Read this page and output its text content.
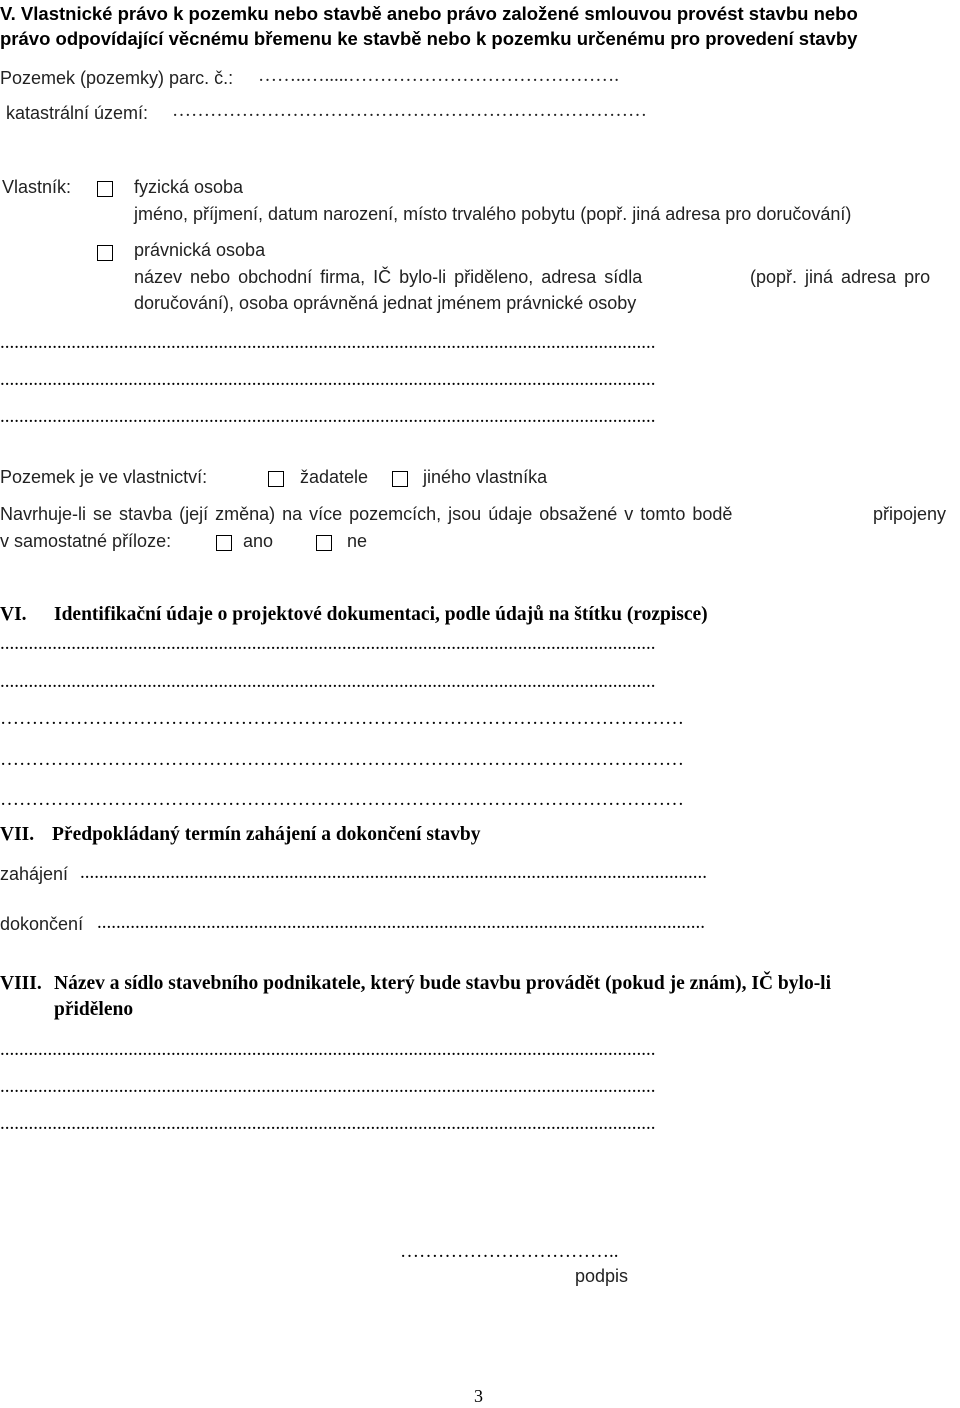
V. Vlastnické právo k pozemku nebo stavbě anebo právo založené smlouvou provést stavbu nebo
právo odpovídající věcnému břemenu ke stavbě nebo k pozemku určenému pro provedení stavby
Pozemek (pozemky) parc. č.: ……..….....…………………………………….
katastrální území: …………………………………………………………………
Vlastník:	fyzická osoba
jméno, příjmení, datum narození, místo trvalého pobytu (popř. jiná adresa pro doručování)
právnická osoba
název nebo obchodní firma, IČ bylo-li přiděleno, adresa sídla	(popř. jiná adresa pro
doručování), osoba oprávněná jednat jménem právnické osoby
..........................................................................................................................................
..........................................................................................................................................
..........................................................................................................................................
Pozemek je ve vlastnictví:	žadatele	jiného vlastníka
Navrhuje-li se stavba (její změna) na více pozemcích, jsou údaje obsažené v tomto bodě	připojeny
v samostatné příloze:	ano	ne
VI. Identifikační údaje o projektové dokumentaci, podle údajů na štítku (rozpisce)
..........................................................................................................................................
..........................................................................................................................................
………………………………………………………………………………………………
………………………………………………………………………………………………
………………………………………………………………………………………………
VII. Předpokládaný termín zahájení a dokončení stavby
zahájení ....................................................................................................................................
dokončení ................................................................................................................................
VIII. Název a sídlo stavebního podnikatele, který bude stavbu provádět (pokud je znám), IČ bylo-li
přiděleno
..........................................................................................................................................
..........................................................................................................................................
..........................................................................................................................................
……………………………..
podpis
3
